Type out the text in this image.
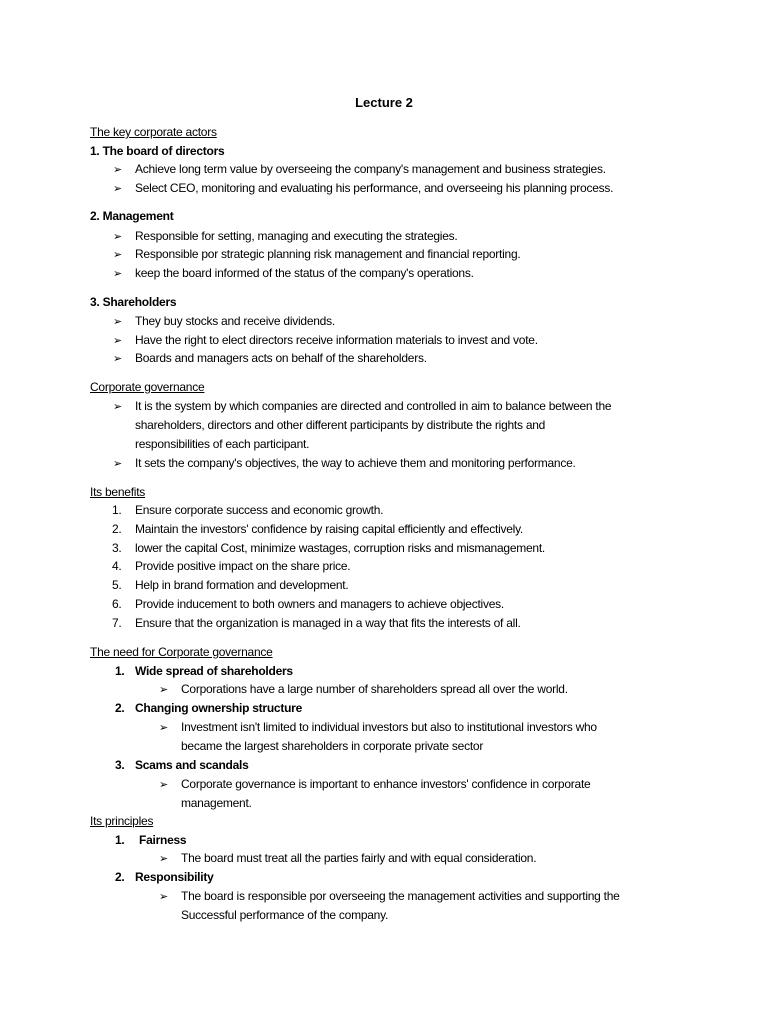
Lecture 2
The key corporate actors
1. The board of directors
➢
Achieve long term value by overseeing the company's management and business strategies.
➢
Select CEO, monitoring and evaluating his performance, and overseeing his planning process.
2. Management
➢
Responsible for setting, managing and executing the strategies.
➢
Responsible por strategic planning risk management and financial reporting.
➢
keep the board informed of the status of the company's operations.
3. Shareholders
➢
They buy stocks and receive dividends.
➢
Have the right to elect directors receive information materials to invest and vote.
➢
Boards and managers acts on behalf of the shareholders.
Corporate governance
➢
It is the system by which companies are directed and controlled in aim to balance between the
shareholders, directors and other different participants by distribute the rights and
responsibilities of each participant.
➢
It sets the company's objectives, the way to achieve them and monitoring performance.
Its benefits
1. Ensure corporate success and economic growth.
2. Maintain the investors' confidence by raising capital efficiently and effectively.
3. lower the capital Cost, minimize wastages, corruption risks and mismanagement.
4. Provide positive impact on the share price.
5. Help in brand formation and development.
6. Provide inducement to both owners and managers to achieve objectives.
7. Ensure that the organization is managed in a way that fits the interests of all.
The need for Corporate governance
1. Wide spread of shareholders
➢
Corporations have a large number of shareholders spread all over the world.
2. Changing ownership structure
➢
Investment isn't limited to individual investors but also to institutional investors who
became the largest shareholders in corporate private sector
3. Scams and scandals
➢
Corporate governance is important to enhance investors' confidence in corporate
management.
Its principles
1. Fairness
➢
The board must treat all the parties fairly and with equal consideration.
2. Responsibility
➢
The board is responsible por overseeing the management activities and supporting the
Successful performance of the company.
